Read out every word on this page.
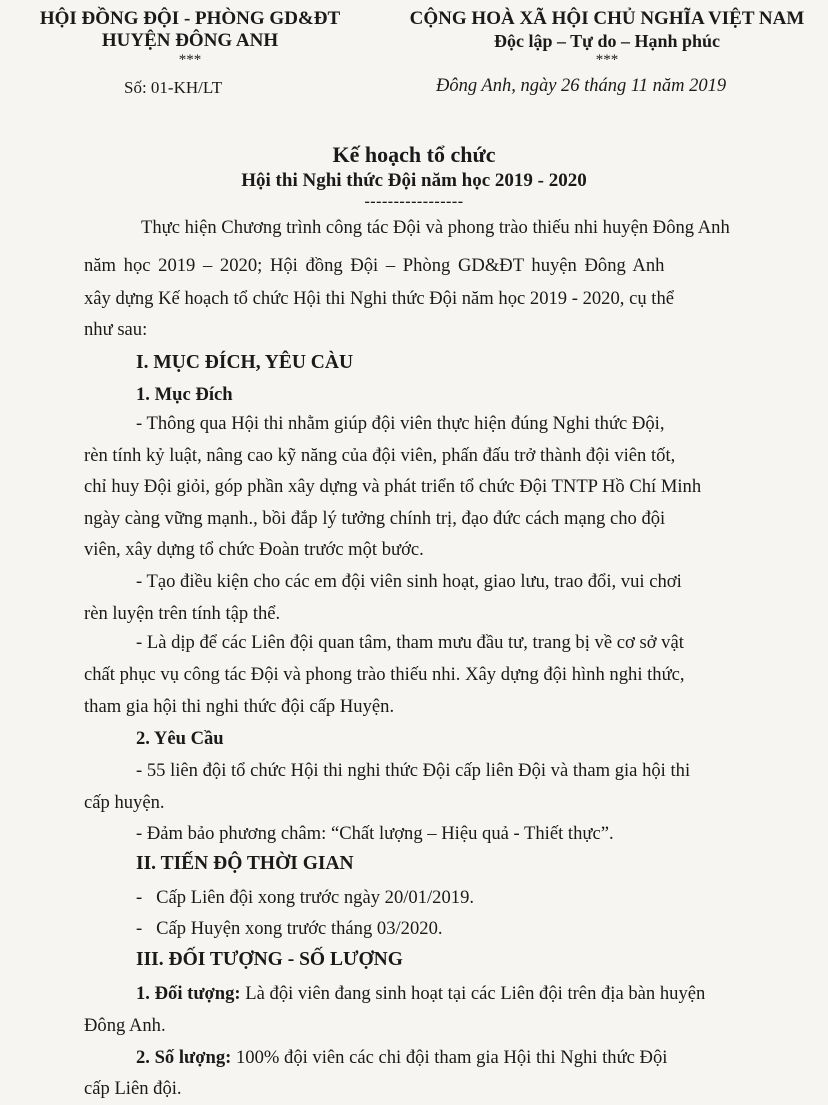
HỘI ĐỒNG ĐỘI - PHÒNG GD&ĐT
HUYỆN ĐÔNG ANH
***
Số: 01-KH/LT
CỘNG HOÀ XÃ HỘI CHỦ NGHĨA VIỆT NAM
Độc lập – Tự do – Hạnh phúc
***
Đông Anh, ngày 26 tháng 11 năm 2019
Kế hoạch tổ chức
Hội thi Nghi thức Đội năm học 2019 - 2020
-----------------
Thực hiện Chương trình công tác Đội và phong trào thiếu nhi huyện Đông Anh
năm học 2019 – 2020; Hội đồng Đội – Phòng GD&ĐT huyện Đông Anh
xây dựng Kế hoạch tổ chức Hội thi Nghi thức Đội năm học 2019 - 2020, cụ thể
như sau:
I. MỤC ĐÍCH, YÊU CÀU
1. Mục Đích
- Thông qua Hội thi nhằm giúp đội viên thực hiện đúng Nghi thức Đội,
rèn tính kỷ luật, nâng cao kỹ năng của đội viên, phấn đấu trở thành đội viên tốt,
chỉ huy Đội giỏi, góp phần xây dựng và phát triển tổ chức Đội TNTP Hồ Chí Minh
ngày càng vững mạnh., bồi đắp lý tưởng chính trị, đạo đức cách mạng cho đội
viên, xây dựng tổ chức Đoàn trước một bước.
- Tạo điều kiện cho các em đội viên sinh hoạt, giao lưu, trao đổi, vui chơi
rèn luyện trên tính tập thể.
- Là dịp để các Liên đội quan tâm, tham mưu đầu tư, trang bị về cơ sở vật
chất phục vụ công tác Đội và phong trào thiếu nhi. Xây dựng đội hình nghi thức,
tham gia hội thi nghi thức đội cấp Huyện.
2. Yêu Cầu
- 55 liên đội tổ chức Hội thi nghi thức Đội cấp liên Đội và tham gia hội thi
cấp huyện.
- Đảm bảo phương châm: “Chất lượng – Hiệu quả - Thiết thực”.
II. TIẾN ĐỘ THỜI GIAN
-   Cấp Liên đội xong trước ngày 20/01/2019.
-   Cấp Huyện xong trước tháng 03/2020.
III. ĐỐI TƯỢNG - SỐ LƯỢNG
1. Đối tượng: Là đội viên đang sinh hoạt tại các Liên đội trên địa bàn huyện
Đông Anh.
2. Số lượng: 100% đội viên các chi đội tham gia Hội thi Nghi thức Đội
cấp Liên đội.
